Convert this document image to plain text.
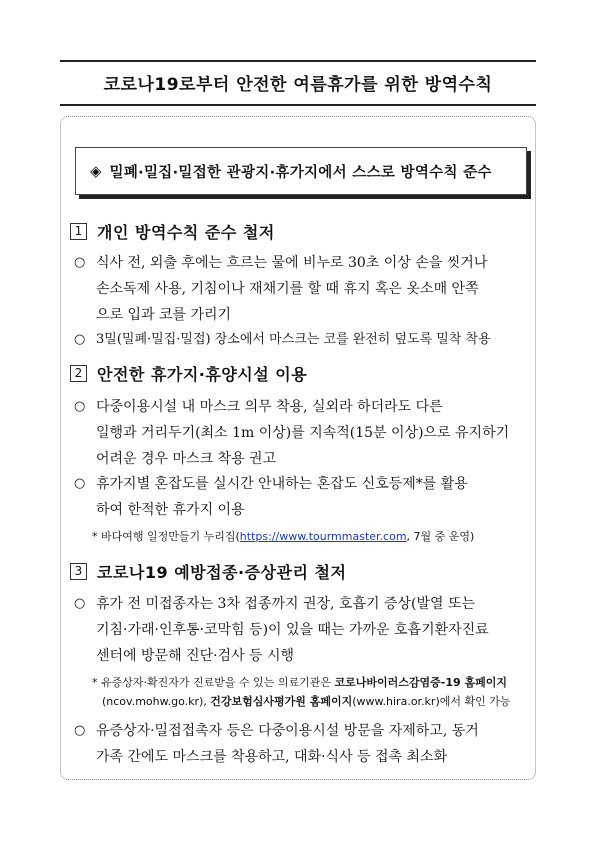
코로나19로부터 안전한 여름휴가를 위한 방역수칙
◈ 밀폐·밀집·밀접한 관광지·휴가지에서 스스로 방역수칙 준수
1 개인 방역수칙 준수 철저
○ 식사 전, 외출 후에는 흐르는 물에 비누로 30초 이상 손을 씻거나
손소독제 사용, 기침이나 재채기를 할 때 휴지 혹은 옷소매 안쪽
으로 입과 코를 가리기
○ 3밀(밀폐·밀집·밀접) 장소에서 마스크는 코를 완전히 덮도록 밀착 착용
2 안전한 휴가지·휴양시설 이용
○ 다중이용시설 내 마스크 의무 착용, 실외라 하더라도 다른
일행과 거리두기(최소 1m 이상)를 지속적(15분 이상)으로 유지하기
어려운 경우 마스크 착용 권고
○ 휴가지별 혼잡도를 실시간 안내하는 혼잡도 신호등제*를 활용
하여 한적한 휴가지 이용
* 바다여행 일정만들기 누리집(https://www.tourmmaster.com, 7월 중 운영)
3 코로나19 예방접종·증상관리 철저
○ 휴가 전 미접종자는 3차 접종까지 권장, 호흡기 증상(발열 또는
기침·가래·인후통·코막힘 등)이 있을 때는 가까운 호흡기환자진료
센터에 방문해 진단·검사 등 시행
* 유증상자·확진자가 진료받을 수 있는 의료기관은 코로나바이러스감염증-19 홈페이지
(ncov.mohw.go.kr), 건강보험심사평가원 홈페이지(www.hira.or.kr)에서 확인 가능
○ 유증상자·밀접접촉자 등은 다중이용시설 방문을 자제하고, 동거
가족 간에도 마스크를 착용하고, 대화·식사 등 접촉 최소화
